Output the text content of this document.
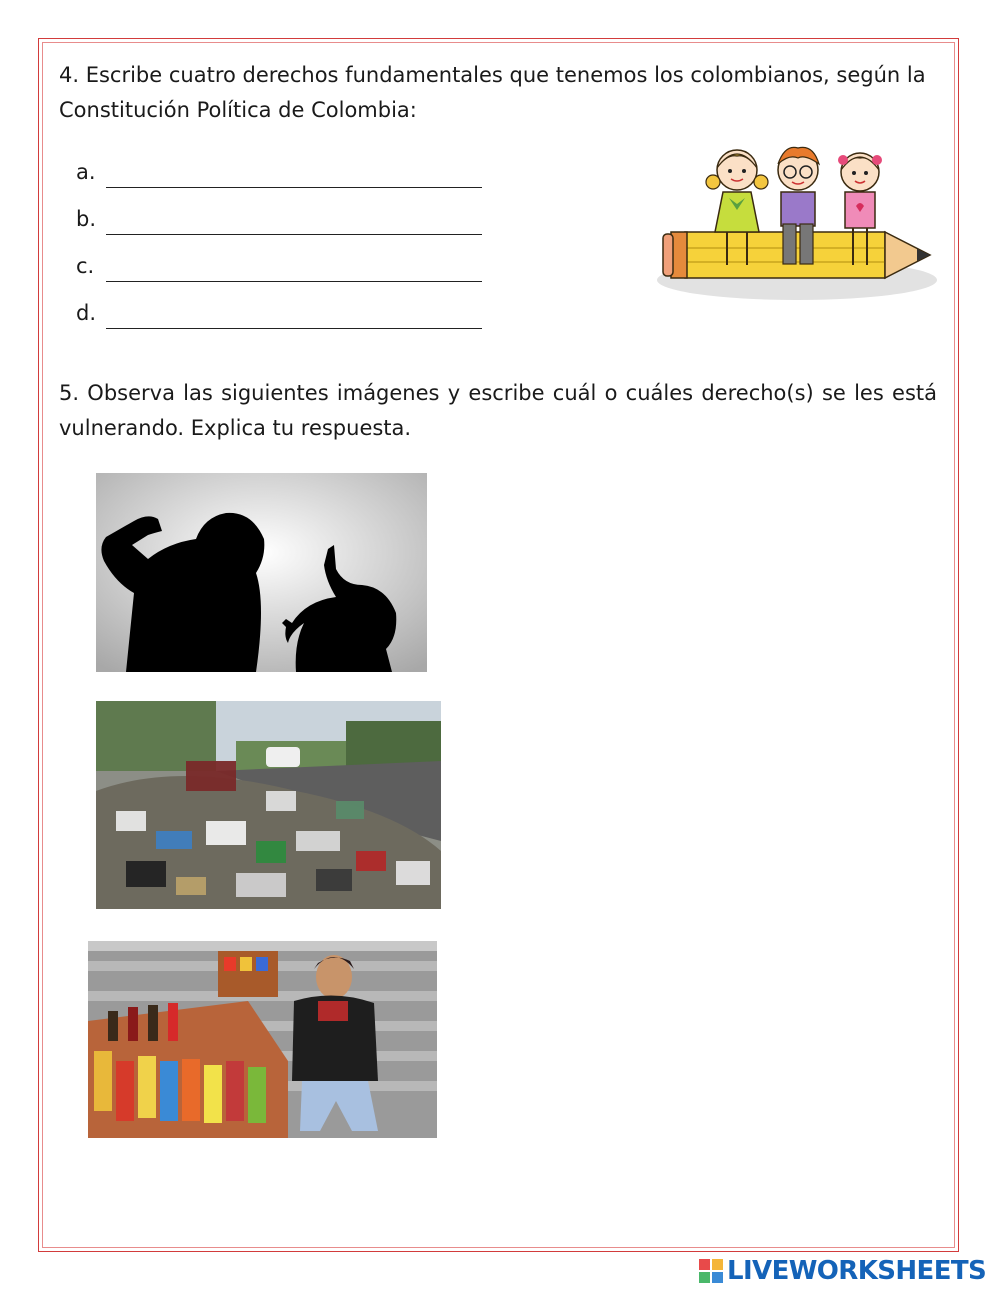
4. Escribe cuatro derechos fundamentales que tenemos los colombianos, según la Constitución Política de Colombia:
a.
b.
c.
d.
5. Observa las siguientes imágenes y escribe cuál o cuáles derecho(s) se les está vulnerando. Explica tu respuesta.
LIVEWORKSHEETS
